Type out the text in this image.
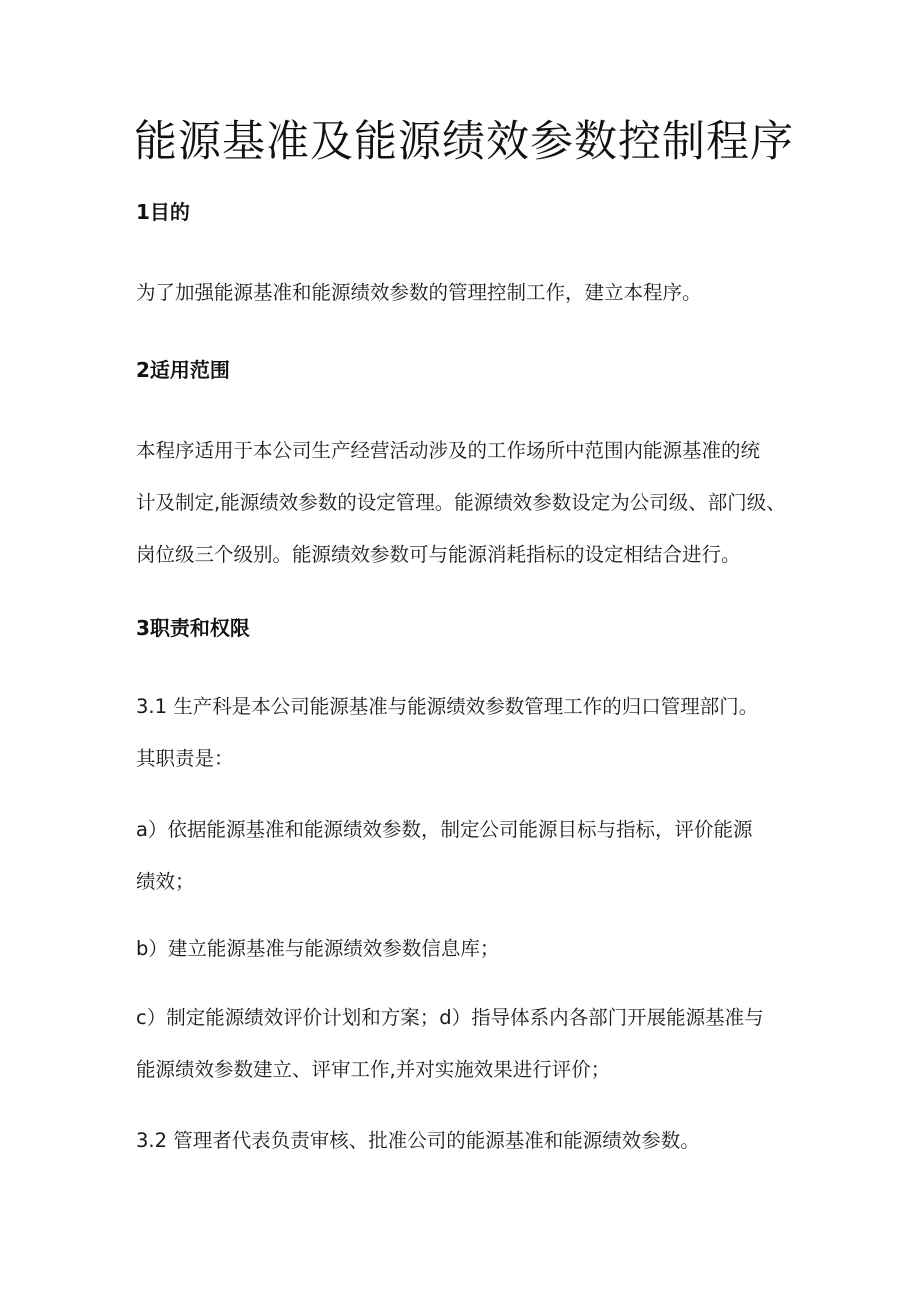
能源基准及能源绩效参数控制程序
1目的

为了加强能源基准和能源绩效参数的管理控制工作，建立本程序。

2适用范围
本程序适用于本公司生产经营活动涉及的工作场所中范围内能源基准的统
计及制定,能源绩效参数的设定管理。能源绩效参数设定为公司级、部门级、
岗位级三个级别。能源绩效参数可与能源消耗指标的设定相结合进行。
3职责和权限
3.1 生产科是本公司能源基准与能源绩效参数管理工作的归口管理部门。
其职责是：
a）依据能源基准和能源绩效参数，制定公司能源目标与指标，评价能源
绩效；

b）建立能源基准与能源绩效参数信息库；

c）制定能源绩效评价计划和方案；d）指导体系内各部门开展能源基准与
能源绩效参数建立、评审工作,并对实施效果进行评价；

3.2 管理者代表负责审核、批准公司的能源基准和能源绩效参数。
